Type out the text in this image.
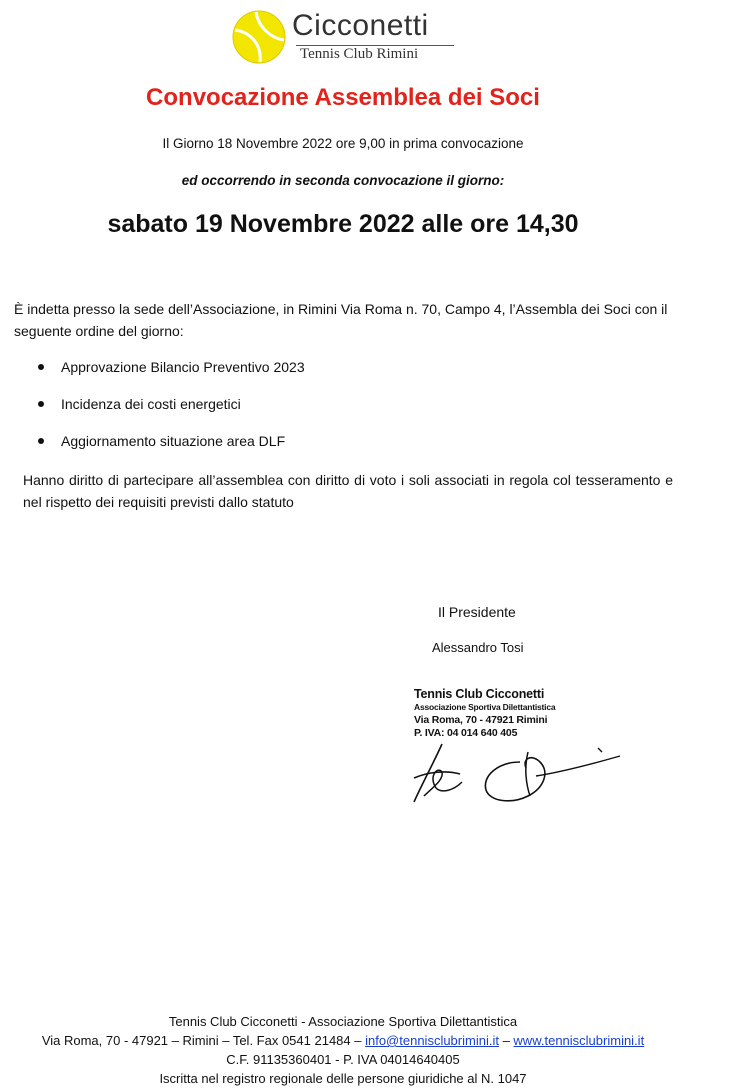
Cicconetti
Tennis Club Rimini
Convocazione Assemblea dei Soci
Il Giorno 18 Novembre 2022 ore 9,00 in prima convocazione
ed occorrendo in seconda convocazione il giorno:
sabato 19 Novembre 2022 alle ore 14,30
È indetta presso la sede dell’Associazione, in Rimini Via Roma n. 70, Campo 4, l’Assembla dei Soci con il seguente ordine del giorno:
Approvazione Bilancio Preventivo 2023
Incidenza dei costi energetici
Aggiornamento situazione area DLF
Hanno diritto di partecipare all’assemblea con diritto di voto i soli associati in regola col tesseramento e nel rispetto dei requisiti previsti dallo statuto
Il Presidente
Alessandro Tosi
Tennis Club Cicconetti
Associazione Sportiva Dilettantistica
Via Roma, 70 - 47921 Rimini
P. IVA: 04 014 640 405
Tennis Club Cicconetti - Associazione Sportiva Dilettantistica
Via Roma, 70 - 47921 – Rimini – Tel. Fax 0541 21484 – info@tennisclubrimini.it – www.tennisclubrimini.it
C.F. 91135360401 - P. IVA 04014640405
Iscritta nel registro regionale delle persone giuridiche al N. 1047
